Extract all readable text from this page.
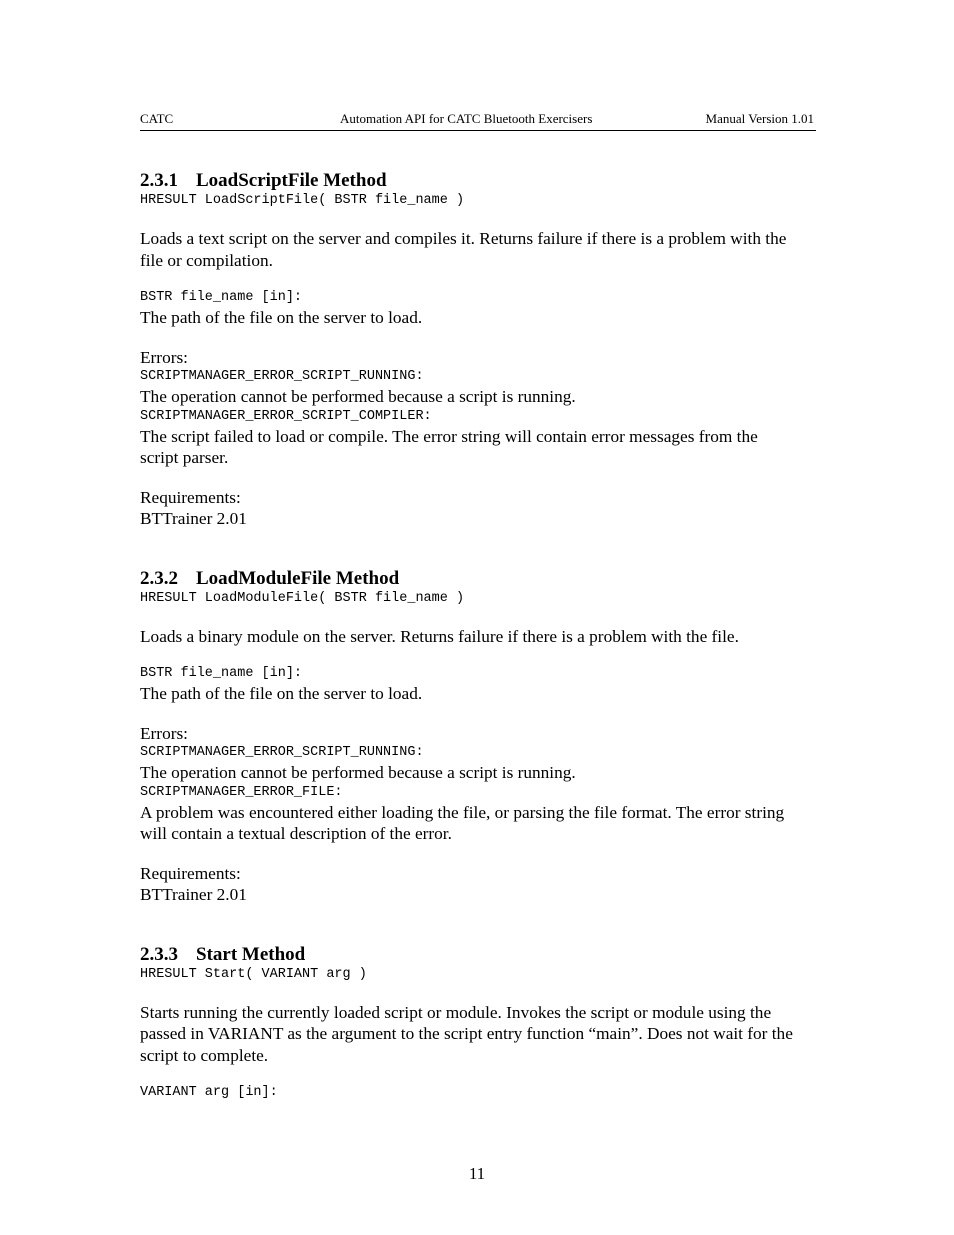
CATC	Automation API for CATC Bluetooth Exercisers	Manual Version 1.01
2.3.1 LoadScriptFile Method
HRESULT LoadScriptFile( BSTR file_name )

Loads a text script on the server and compiles it. Returns failure if there is a problem with the file or compilation.

BSTR file_name [in]:

The path of the file on the server to load.

Errors:

SCRIPTMANAGER_ERROR_SCRIPT_RUNNING:

The operation cannot be performed because a script is running.

SCRIPTMANAGER_ERROR_SCRIPT_COMPILER:

The script failed to load or compile. The error string will contain error messages from the script parser.

Requirements:

BTTrainer 2.01

2.3.2 LoadModuleFile Method
HRESULT LoadModuleFile( BSTR file_name )

Loads a binary module on the server. Returns failure if there is a problem with the file.

BSTR file_name [in]:

The path of the file on the server to load.

Errors:

SCRIPTMANAGER_ERROR_SCRIPT_RUNNING:

The operation cannot be performed because a script is running.

SCRIPTMANAGER_ERROR_FILE:

A problem was encountered either loading the file, or parsing the file format. The error string will contain a textual description of the error.

Requirements:

BTTrainer 2.01

2.3.3 Start Method
HRESULT Start( VARIANT arg )

Starts running the currently loaded script or module. Invokes the script or module using the passed in VARIANT as the argument to the script entry function “main”. Does not wait for the script to complete.

VARIANT arg [in]:
11
